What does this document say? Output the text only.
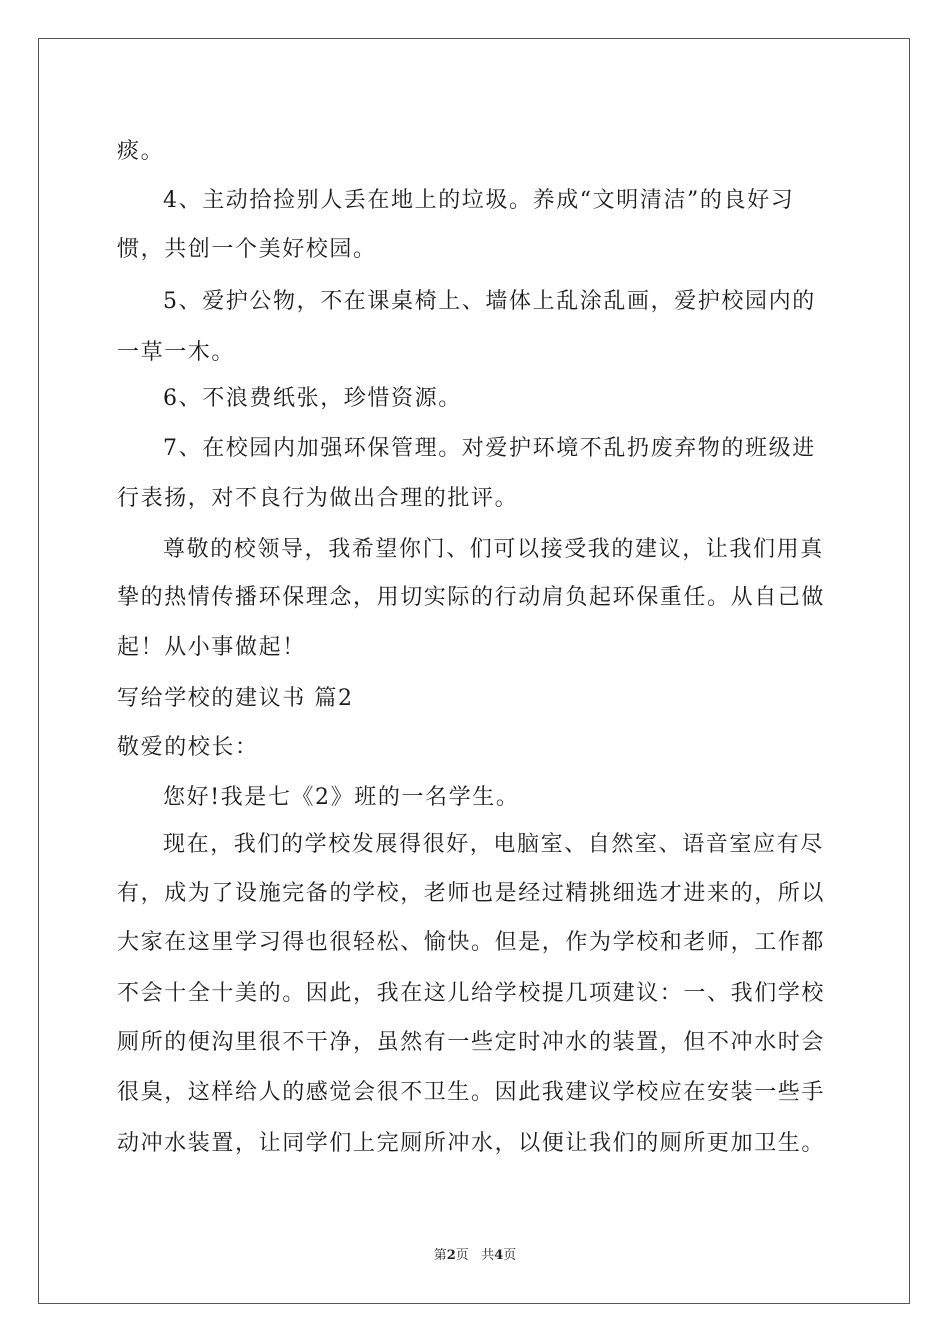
痰。
4、主动拾捡别人丢在地上的垃圾。养成“文明清洁”的良好习
惯，共创一个美好校园。
5、爱护公物，不在课桌椅上、墙体上乱涂乱画，爱护校园内的
一草一木。
6、不浪费纸张，珍惜资源。
7、在校园内加强环保管理。对爱护环境不乱扔废弃物的班级进
行表扬，对不良行为做出合理的批评。
尊敬的校领导，我希望你门、们可以接受我的建议，让我们用真
挚的热情传播环保理念，用切实际的行动肩负起环保重任。从自己做
起！从小事做起！
写给学校的建议书 篇2
敬爱的校长：
您好!我是七《2》班的一名学生。
现在，我们的学校发展得很好，电脑室、自然室、语音室应有尽
有，成为了设施完备的学校，老师也是经过精挑细选才进来的，所以
大家在这里学习得也很轻松、愉快。但是，作为学校和老师，工作都
不会十全十美的。因此，我在这儿给学校提几项建议：一、我们学校
厕所的便沟里很不干净，虽然有一些定时冲水的装置，但不冲水时会
很臭，这样给人的感觉会很不卫生。因此我建议学校应在安装一些手
动冲水装置，让同学们上完厕所冲水，以便让我们的厕所更加卫生。
第2页   共4页
